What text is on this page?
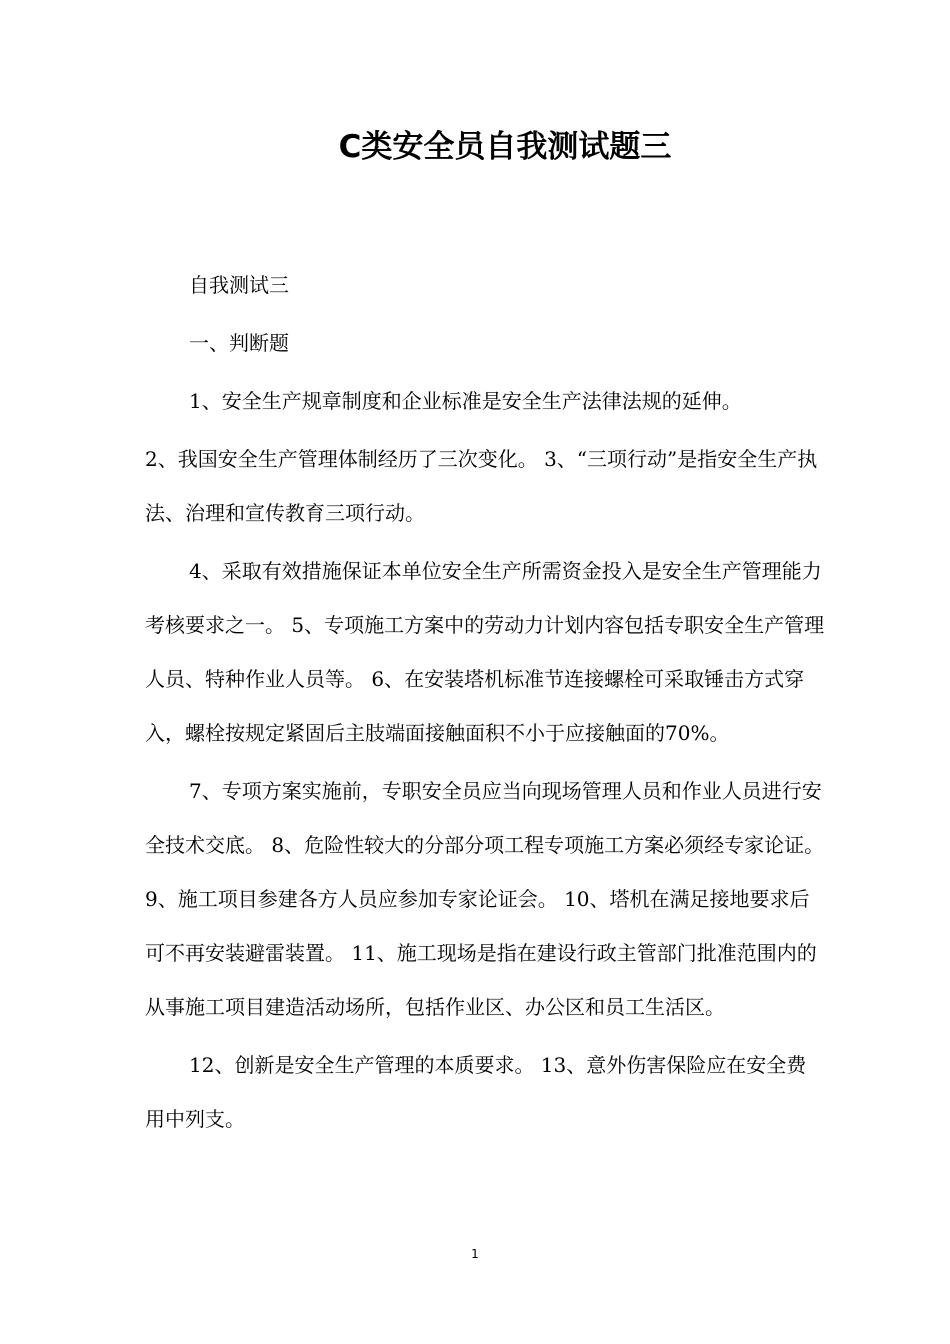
C类安全员自我测试题三

自我测试三

一、判断题

1、安全生产规章制度和企业标准是安全生产法律法规的延伸。

2、我国安全生产管理体制经历了三次变化。 3、“三项行动”是指安全生产执法、治理和宣传教育三项行动。

4、采取有效措施保证本单位安全生产所需资金投入是安全生产管理能力考核要求之一。 5、专项施工方案中的劳动力计划内容包括专职安全生产管理人员、特种作业人员等。 6、在安装塔机标准节连接螺栓可采取锤击方式穿入，螺栓按规定紧固后主肢端面接触面积不小于应接触面的70%。

7、专项方案实施前，专职安全员应当向现场管理人员和作业人员进行安全技术交底。 8、危险性较大的分部分项工程专项施工方案必须经专家论证。 9、施工项目参建各方人员应参加专家论证会。 10、塔机在满足接地要求后可不再安装避雷装置。 11、施工现场是指在建设行政主管部门批准范围内的从事施工项目建造活动场所，包括作业区、办公区和员工生活区。

12、创新是安全生产管理的本质要求。 13、意外伤害保险应在安全费用中列支。

1
